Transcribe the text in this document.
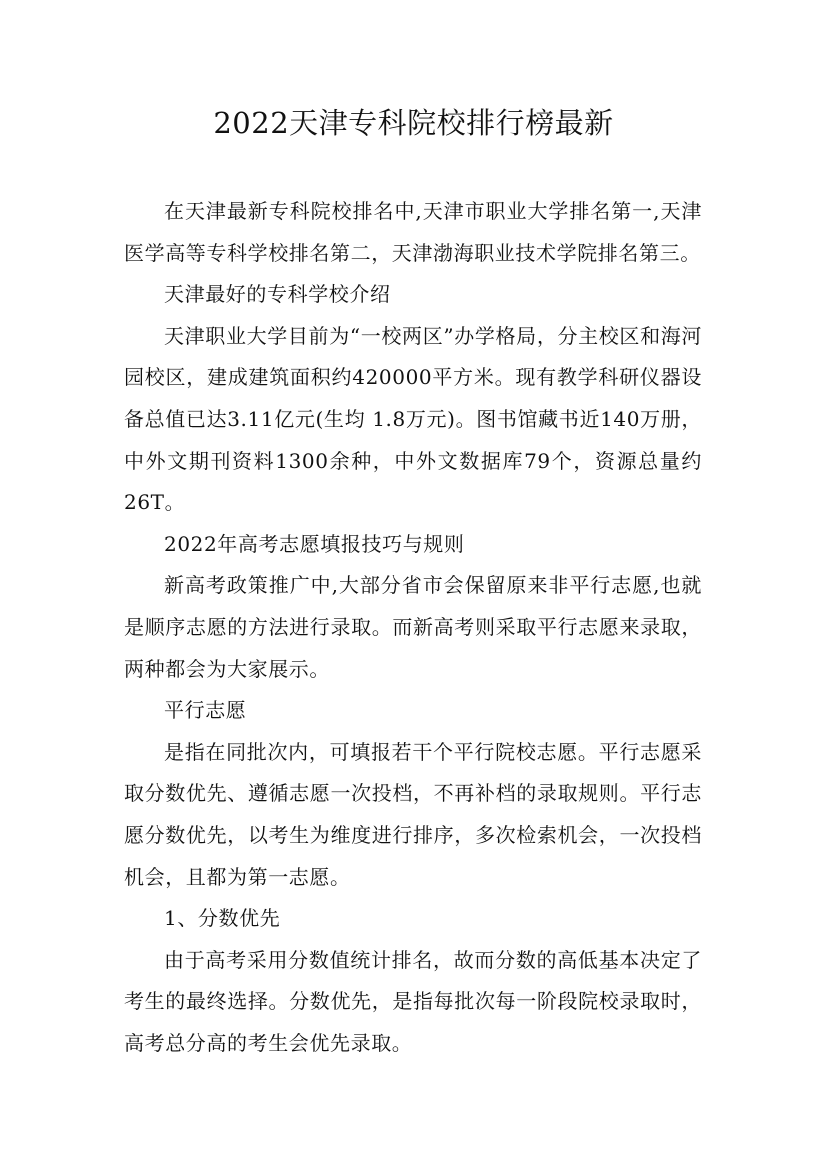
2022天津专科院校排行榜最新

在天津最新专科院校排名中,天津市职业大学排名第一,天津医学高等专科学校排名第二，天津渤海职业技术学院排名第三。

天津最好的专科学校介绍

天津职业大学目前为“一校两区”办学格局，分主校区和海河园校区，建成建筑面积约420000平方米。现有教学科研仪器设备总值已达3.11亿元(生均 1.8万元)。图书馆藏书近140万册，中外文期刊资料1300余种，中外文数据库79个，资源总量约26T。

2022年高考志愿填报技巧与规则

新高考政策推广中,大部分省市会保留原来非平行志愿,也就是顺序志愿的方法进行录取。而新高考则采取平行志愿来录取，两种都会为大家展示。

平行志愿

是指在同批次内，可填报若干个平行院校志愿。平行志愿采取分数优先、遵循志愿一次投档，不再补档的录取规则。平行志愿分数优先，以考生为维度进行排序，多次检索机会，一次投档机会，且都为第一志愿。

1、分数优先

由于高考采用分数值统计排名，故而分数的高低基本决定了考生的最终选择。分数优先，是指每批次每一阶段院校录取时，高考总分高的考生会优先录取。
